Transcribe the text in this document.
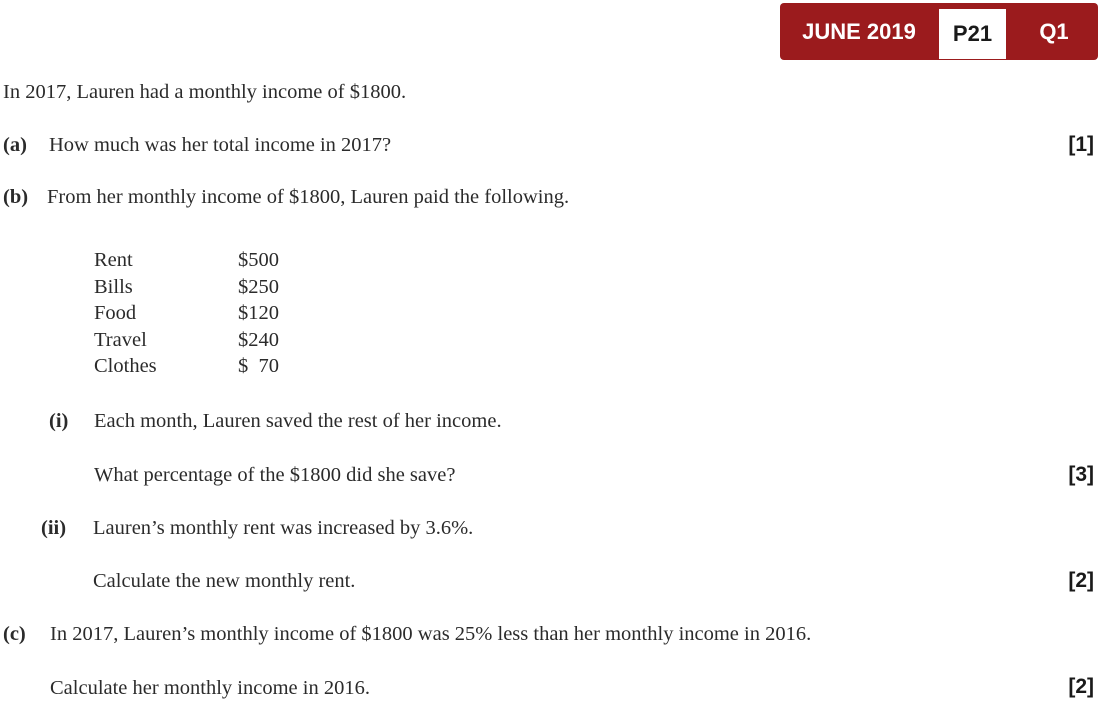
JUNE 2019	P21	Q1
In 2017, Lauren had a monthly income of $1800.
(a) How much was her total income in 2017?	[1]
(b) From her monthly income of $1800, Lauren paid the following.
Rent	$500
Bills	$250
Food	$120
Travel	$240
Clothes	$  70
(i) Each month, Lauren saved the rest of her income.
What percentage of the $1800 did she save?	[3]
(ii) Lauren’s monthly rent was increased by 3.6%.
Calculate the new monthly rent.	[2]
(c) In 2017, Lauren’s monthly income of $1800 was 25% less than her monthly income in 2016.
Calculate her monthly income in 2016.	[2]
